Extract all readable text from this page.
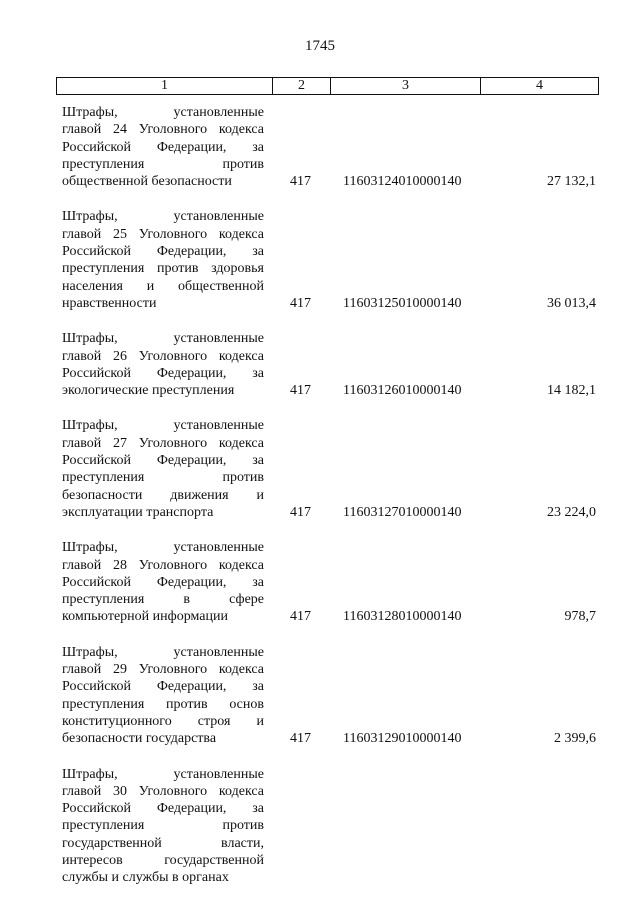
1745
1	2	3	4
Штрафы, установленные
главой 24 Уголовного кодекса
Российской Федерации, за
преступления против
общественной безопасности	417	11603124010000140	27 132,1
Штрафы, установленные
главой 25 Уголовного кодекса
Российской Федерации, за
преступления против здоровья
населения и общественной
нравственности	417	11603125010000140	36 013,4
Штрафы, установленные
главой 26 Уголовного кодекса
Российской Федерации, за
экологические преступления	417	11603126010000140	14 182,1
Штрафы, установленные
главой 27 Уголовного кодекса
Российской Федерации, за
преступления против
безопасности движения и
эксплуатации транспорта	417	11603127010000140	23 224,0
Штрафы, установленные
главой 28 Уголовного кодекса
Российской Федерации, за
преступления в сфере
компьютерной информации	417	11603128010000140	978,7
Штрафы, установленные
главой 29 Уголовного кодекса
Российской Федерации, за
преступления против основ
конституционного строя и
безопасности государства	417	11603129010000140	2 399,6
Штрафы, установленные
главой 30 Уголовного кодекса
Российской Федерации, за
преступления против
государственной власти,
интересов государственной
службы и службы в органах
